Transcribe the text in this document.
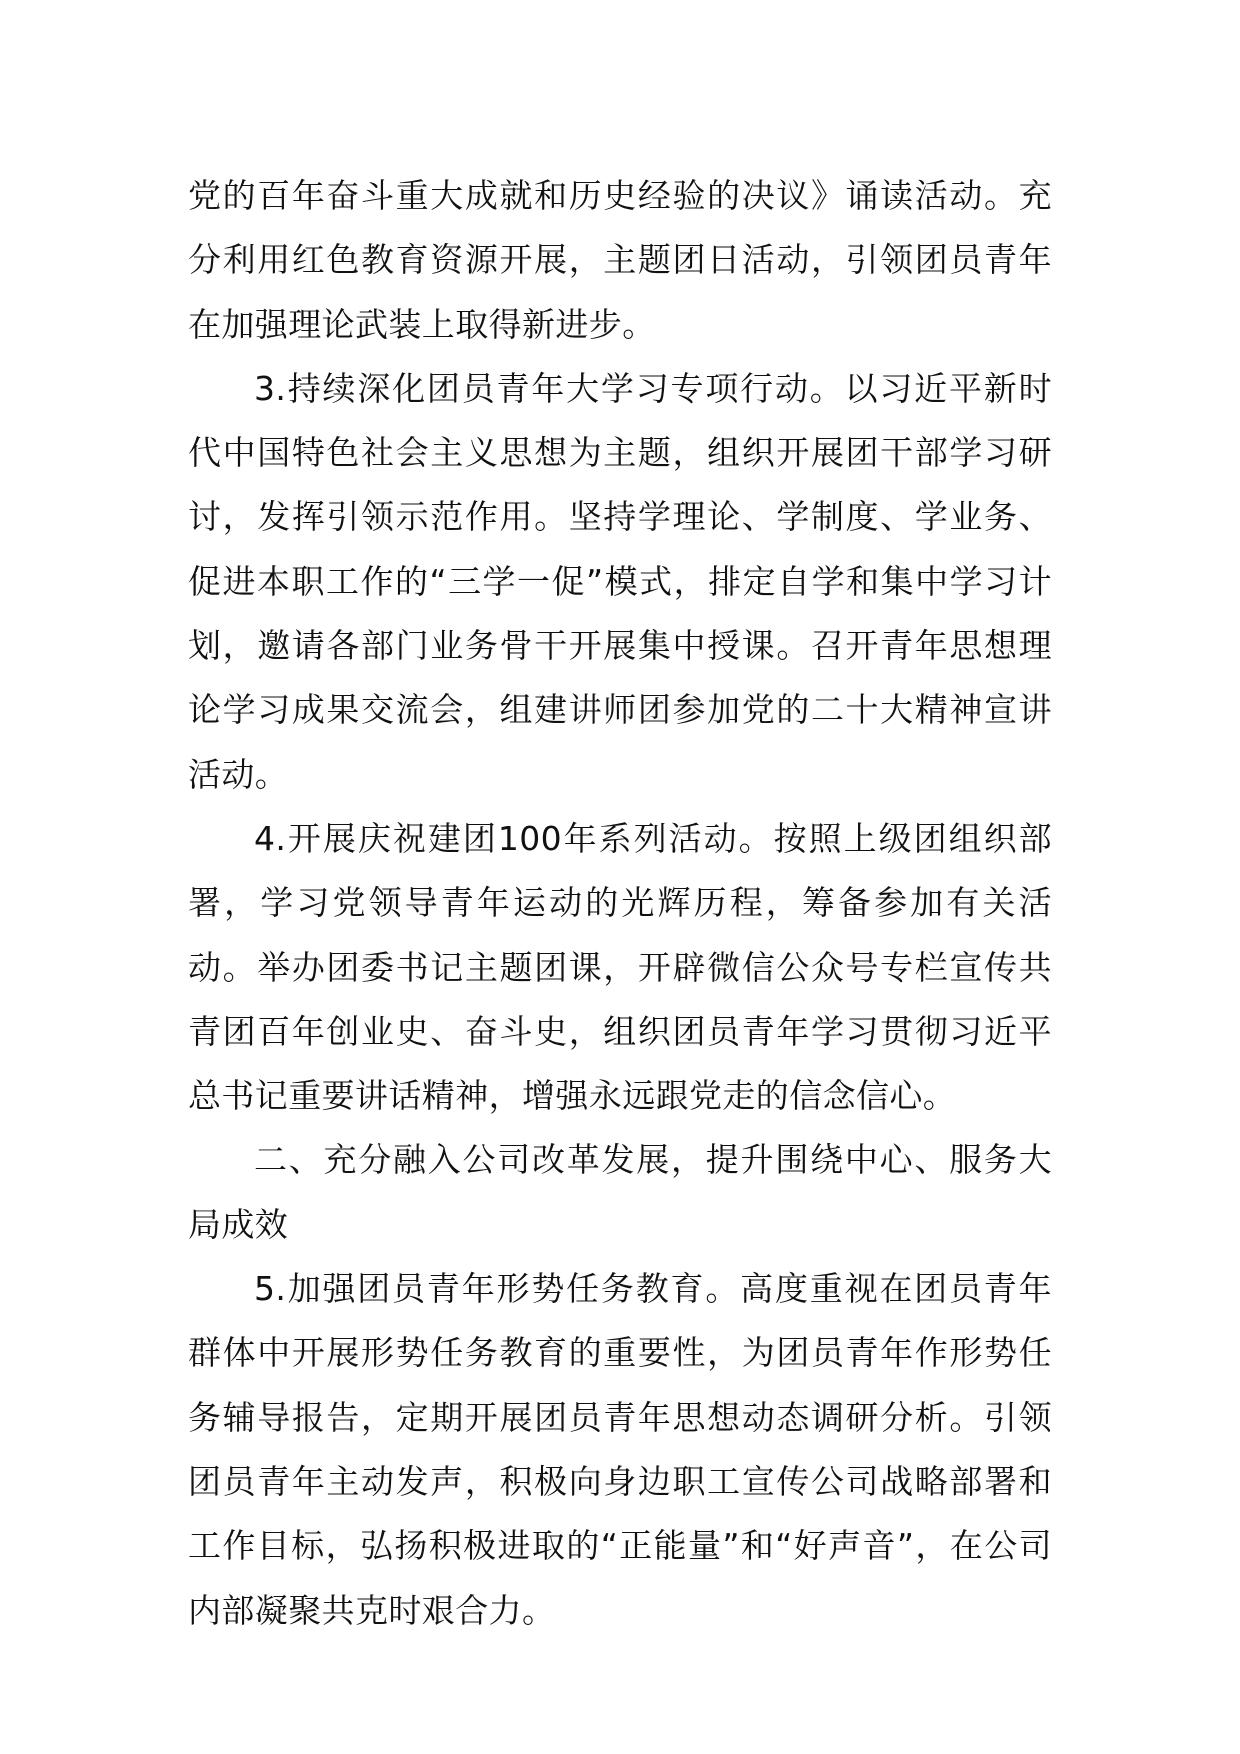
党的百年奋斗重大成就和历史经验的决议》诵读活动。充分利用红色教育资源开展，主题团日活动，引领团员青年在加强理论武装上取得新进步。

3.持续深化团员青年大学习专项行动。以习近平新时代中国特色社会主义思想为主题，组织开展团干部学习研讨，发挥引领示范作用。坚持学理论、学制度、学业务、促进本职工作的“三学一促”模式，排定自学和集中学习计划，邀请各部门业务骨干开展集中授课。召开青年思想理论学习成果交流会，组建讲师团参加党的二十大精神宣讲活动。

4.开展庆祝建团100年系列活动。按照上级团组织部署，学习党领导青年运动的光辉历程，筹备参加有关活动。举办团委书记主题团课，开辟微信公众号专栏宣传共青团百年创业史、奋斗史，组织团员青年学习贯彻习近平总书记重要讲话精神，增强永远跟党走的信念信心。

二、充分融入公司改革发展，提升围绕中心、服务大局成效

5.加强团员青年形势任务教育。高度重视在团员青年群体中开展形势任务教育的重要性，为团员青年作形势任务辅导报告，定期开展团员青年思想动态调研分析。引领团员青年主动发声，积极向身边职工宣传公司战略部署和工作目标，弘扬积极进取的“正能量”和“好声音”，在公司内部凝聚共克时艰合力。
